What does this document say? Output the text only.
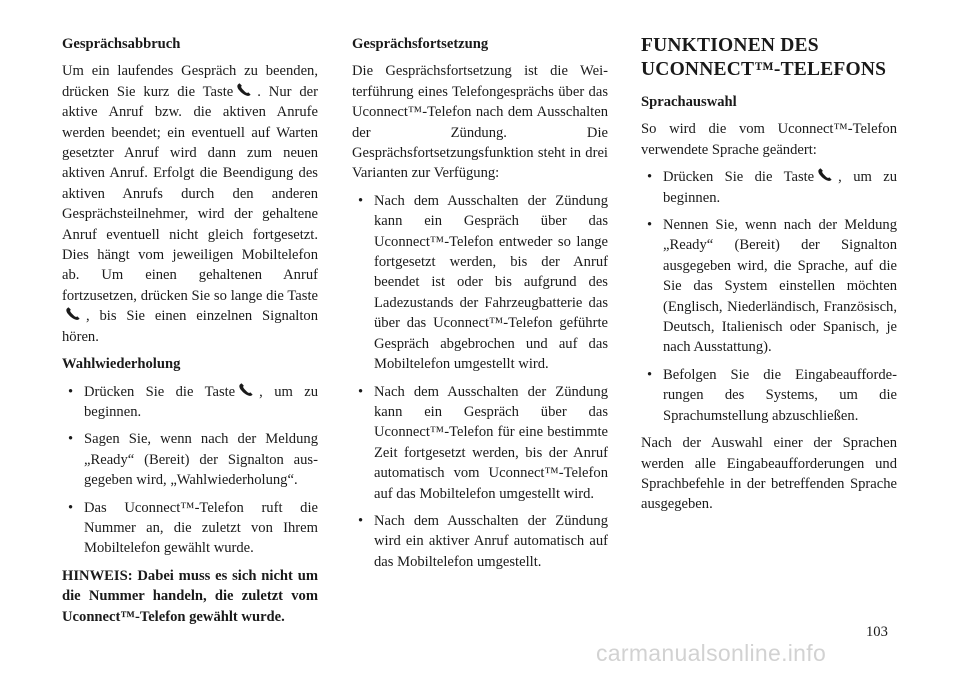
Gesprächsabbruch

Um ein laufendes Gespräch zu beenden, drücken Sie kurz die Taste . Nur der aktive Anruf bzw. die aktiven Anrufe werden beendet; ein eventuell auf Warten gesetzter Anruf wird dann zum neuen aktiven Anruf. Erfolgt die Beendigung des aktiven Anrufs durch den anderen Gesprächsteilnehmer, wird der gehaltene Anruf eventuell nicht gleich fortgesetzt. Dies hängt vom jeweiligen Mobiltelefon ab. Um einen gehaltenen Anruf fortzusetzen, drücken Sie so lange die Taste, bis Sie einen einzelnen Signalton hören.

Wahlwiederholung
• Drücken Sie die Taste , um zu beginnen.
• Sagen Sie, wenn nach der Meldung „Ready“ (Bereit) der Signalton ausgegeben wird, „Wahlwiederholung“.
• Das Uconnect™-Telefon ruft die Nummer an, die zuletzt von Ihrem Mobiltelefon gewählt wurde.

HINWEIS: Dabei muss es sich nicht um die Nummer handeln, die zuletzt vom Uconnect™-Telefon gewählt wurde.

Gesprächsfortsetzung

Die Gesprächsfortsetzung ist die Weiterführung eines Telefongesprächs über das Uconnect™-Telefon nach dem Ausschalten der Zündung. Die Gesprächsfortsetzungsfunktion steht in drei Varianten zur Verfügung:

• Nach dem Ausschalten der Zündung kann ein Gespräch über das Uconnect™-Telefon entweder so lange fortgesetzt werden, bis der Anruf beendet ist oder bis aufgrund des Ladezustands der Fahrzeugbatterie das über das Uconnect™-Telefon geführte Gespräch abgebrochen und auf das Mobiltelefon umgestellt wird.
• Nach dem Ausschalten der Zündung kann ein Gespräch über das Uconnect™-Telefon für eine bestimmte Zeit fortgesetzt werden, bis der Anruf automatisch vom Uconnect™-Telefon auf das Mobiltelefon umgestellt wird.
• Nach dem Ausschalten der Zündung wird ein aktiver Anruf automatisch auf das Mobiltelefon umgestellt.
FUNKTIONEN DES
UCONNECT™-TELEFONS
Sprachauswahl

So wird die vom Uconnect™-Telefon verwendete Sprache geändert:

• Drücken Sie die Taste , um zu beginnen.
• Nennen Sie, wenn nach der Meldung „Ready“ (Bereit) der Signalton ausgegeben wird, die Sprache, auf die Sie das System einstellen möchten (Englisch, Niederländisch, Französisch, Deutsch, Italienisch oder Spanisch, je nach Ausstattung).
• Befolgen Sie die Eingabeaufforderungen des Systems, um die Sprachumstellung abzuschließen.

Nach der Auswahl einer der Sprachen werden alle Eingabeaufforderungen und Sprachbefehle in der betreffenden Sprache ausgegeben.

103
carmanualsonline.info
